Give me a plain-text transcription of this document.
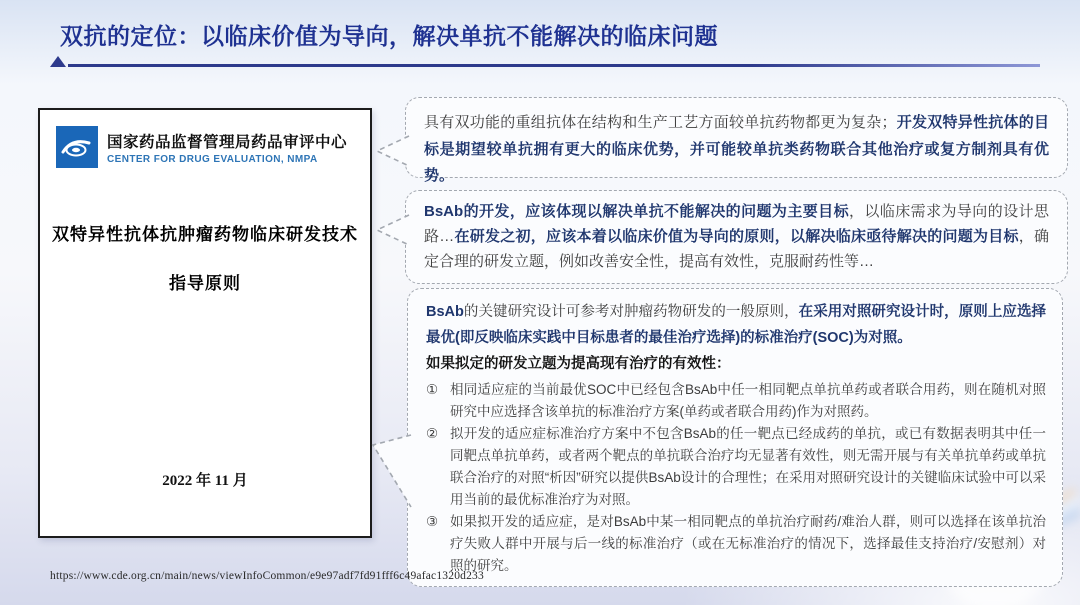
双抗的定位：以临床价值为导向，解决单抗不能解决的临床问题
国家药品监督管理局药品审评中心
CENTER FOR DRUG EVALUATION, NMPA
双特异性抗体抗肿瘤药物临床研发技术
指导原则
2022 年 11 月

具有双功能的重组抗体在结构和生产工艺方面较单抗药物都更为复杂；开发双特异性抗体的目标是期望较单抗拥有更大的临床优势，并可能较单抗类药物联合其他治疗或复方制剂具有优势。

BsAb的开发，应该体现以解决单抗不能解决的问题为主要目标，以临床需求为导向的设计思路…在研发之初，应该本着以临床价值为导向的原则，以解决临床亟待解决的问题为目标，确定合理的研发立题，例如改善安全性，提高有效性，克服耐药性等…

BsAb的关键研究设计可参考对肿瘤药物研发的一般原则，在采用对照研究设计时，原则上应选择最优(即反映临床实践中目标患者的最佳治疗选择)的标准治疗(SOC)为对照。

如果拟定的研发立题为提高现有治疗的有效性：

① 相同适应症的当前最优SOC中已经包含BsAb中任一相同靶点单抗单药或者联合用药，则在随机对照研究中应选择含该单抗的标准治疗方案(单药或者联合用药)作为对照药。
② 拟开发的适应症标准治疗方案中不包含BsAb的任一靶点已经成药的单抗，或已有数据表明其中任一同靶点单抗单药，或者两个靶点的单抗联合治疗均无显著有效性，则无需开展与有关单抗单药或单抗联合治疗的对照“析因”研究以提供BsAb设计的合理性；在采用对照研究设计的关键临床试验中可以采用当前的最优标准治疗为对照。
③ 如果拟开发的适应症，是对BsAb中某一相同靶点的单抗治疗耐药/难治人群，则可以选择在该单抗治疗失败人群中开展与后一线的标准治疗（或在无标准治疗的情况下，选择最佳支持治疗/安慰剂）对照的研究。
https://www.cde.org.cn/main/news/viewInfoCommon/e9e97adf7fd91fff6c49afac1320d233
